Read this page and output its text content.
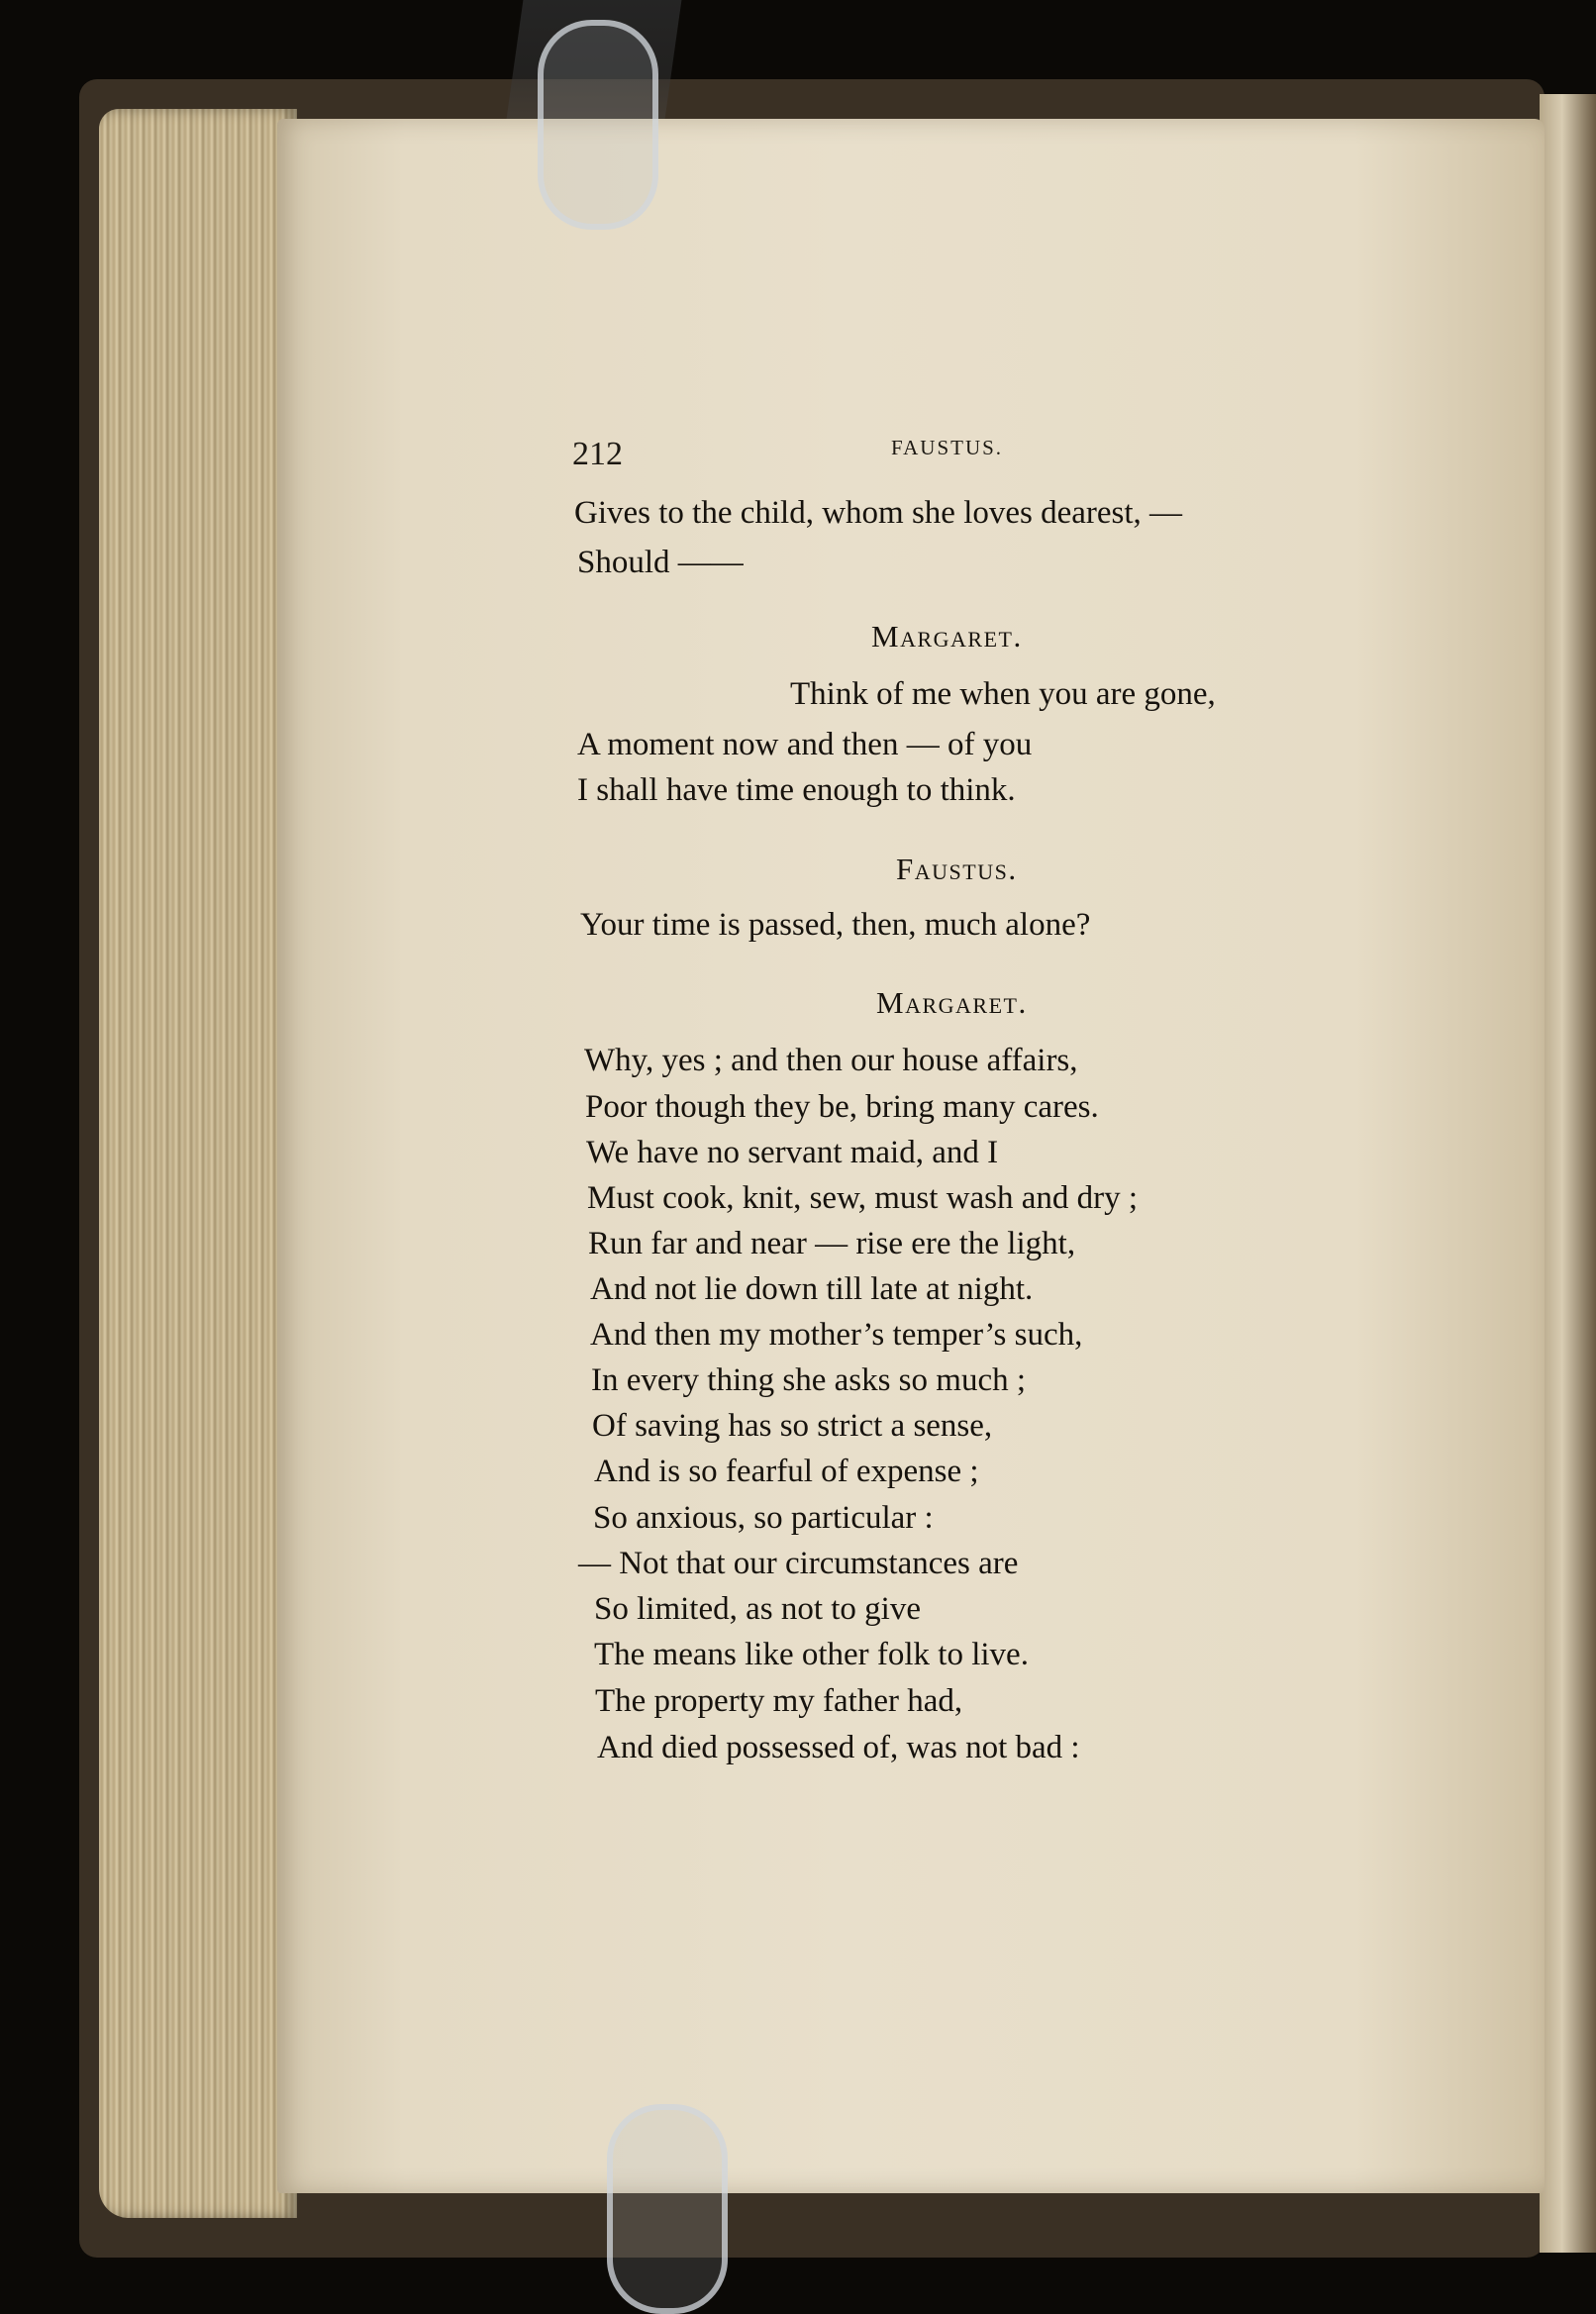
212	FAUSTUS.
Gives to the child, whom she loves dearest, —
Should ——
Margaret.
Think of me when you are gone,
A moment now and then — of you
I shall have time enough to think.
Faustus.
Your time is passed, then, much alone?
Margaret.
Why, yes ; and then our house affairs,
Poor though they be, bring many cares.
We have no servant maid, and I
Must cook, knit, sew, must wash and dry ;
Run far and near — rise ere the light,
And not lie down till late at night.
And then my mother’s temper’s such,
In every thing she asks so much ;
Of saving has so strict a sense,
And is so fearful of expense ;
So anxious, so particular :
— Not that our circumstances are
So limited, as not to give
The means like other folk to live.
The property my father had,
And died possessed of, was not bad :
